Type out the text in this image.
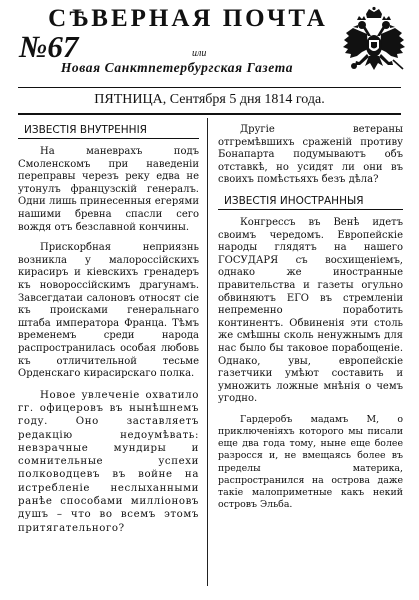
СѢВЕРНАЯ ПОЧТА
№67	или
Новая Санктпетербургская Газета
ПЯТНИЦА, Сентября 5 дня 1814 года.
ИЗВЕСТІЯ ВНУТРЕННІЯ

На маневрахъ подъ Смоленскомъ при наведеніи переправы черезъ реку едва не утонулъ французскій генералъ. Одни лишь принесенныя егерями нашими бревна спасли сего вождя отъ безславной кончины.

Прискорбная неприязнь возникла у малороссійскихъ кирасиръ и кіевскихъ гренадеръ къ новороссійскимъ драгунамъ. Завсегдатаи салоновъ относят сіе къ происками генеральнаго штаба императора Франца. Тѣмъ временемъ среди народа распространилась особая любовь къ отличительной тесьме Орденскаго кирасирскаго полка.

Новое увлеченіе охватило гг. офицеровъ въ нынѣшнемъ году. Оно заставляетъ редакцію недоумѣвать: невзрачные мундиры и сомнительные успехи полководцевъ въ войне на истребленіе неслыханными ранѣе способами милліоновъ душъ – что во всемъ этомъ притягательного?

Другіе ветераны отгремѣвшихъ сраженій противу Бонапарта подумываютъ объ отставкѣ, но усидят ли они въ своихъ помѣстьяхъ безъ дѣла?

ИЗВЕСТІЯ ИНОСТРАННЫЯ

Конгрессъ въ Венѣ идетъ своимъ чередомъ. Европейскіе народы глядятъ на нашего ГОСУДАРЯ съ восхищеніемъ, однако же иностранные правительства и газеты огульно обвиняютъ ЕГО въ стремленіи непременно поработить континентъ. Обвиненія эти столь же смѣшны сколь ненужнымъ для нас было бы таковое порабощеніе. Однако, увы, европейскіе газетчики умѣют составить и умножить ложные мнѣнія о чемъ угодно.

Гардеробъ мадамъ М, о приключеніяхъ которого мы писали еще два года тому, ныне еще более разросся и, не вмещаясь более въ пределы материка, распространился на острова даже такіе малоприметные какъ некий островъ Эльба.
